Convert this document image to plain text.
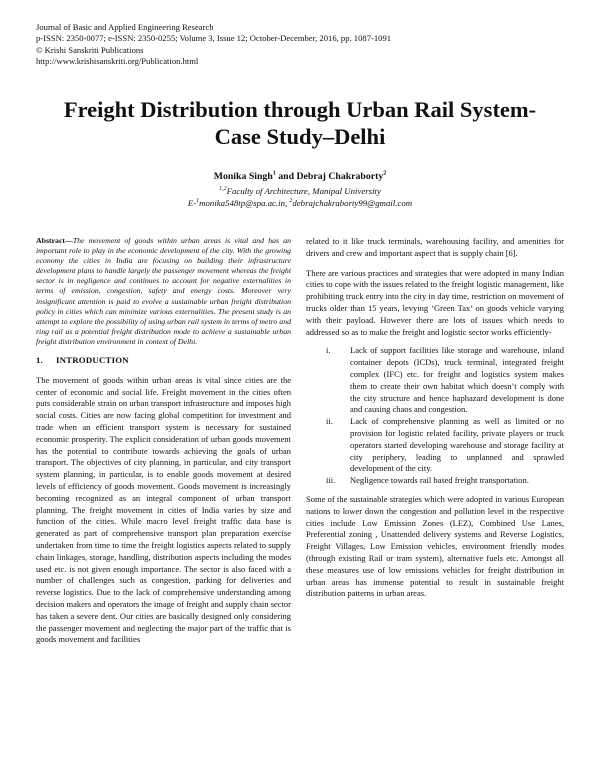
Journal of Basic and Applied Engineering Research
p-ISSN: 2350-0077; e-ISSN: 2350-0255; Volume 3, Issue 12; October-December, 2016, pp. 1087-1091
© Krishi Sanskriti Publications
http://www.krishisanskriti.org/Publication.html
Freight Distribution through Urban Rail System-
Case Study–Delhi
Monika Singh$^1$ and Debraj Chakraborty$^2$
$^{1,2}$Faculty of Architecture, Manipal University
E-$^1$monika548tp@spa.ac.in, $^2$debrajchakraborty99@gmail.com

Abstract—The movement of goods within urban areas is vital and has an important role to play in the economic development of the city. With the growing economy the cities in India are focusing on building their infrastructure development plans to handle largely the passenger movement whereas the freight sector is in negligence and continues to account for negative externalities in terms of emission, congestion, safety and energy costs. Moreover very insignificant attention is paid to evolve a sustainable urban freight distribution policy in cities which can minimize various externalities. The present study is an attempt to explore the possibility of using urban rail system in terms of metro and ring rail as a potential freight distribution mode to achieve a sustainable urban freight distribution environment in context of Delhi.

1. INTRODUCTION

The movement of goods within urban areas is vital since cities are the center of economic and social life. Freight movement in the cities often puts considerable strain on urban transport infrastructure and imposes high social costs. Cities are now facing global competition for investment and trade when an efficient transport system is necessary for sustained economic prosperity. The explicit consideration of urban goods movement has the potential to contribute towards achieving the goals of urban transport. The objectives of city planning, in particular, and city transport system planning, in particular, is to enable goods movement at desired levels of efficiency of goods movement. Goods movement is increasingly becoming recognized as an integral component of urban transport planning. The freight movement in cities of India varies by size and function of the cities. While macro level freight traffic data base is generated as part of comprehensive transport plan preparation exercise undertaken from time to time the freight logistics aspects related to supply chain linkages, storage, handling, distribution aspects including the modes used etc. is not given enough importance. The sector is also faced with a number of challenges such as congestion, parking for deliveries and reverse logistics. Due to the lack of comprehensive understanding among decision makers and operators the image of freight and supply chain sector has taken a severe dent. Our cities are basically designed only considering the passenger movement and neglecting the major part of the traffic that is goods movement and facilities

related to it like truck terminals, warehousing facility, and amenities for drivers and crew and important aspect that is supply chain [6].

There are various practices and strategies that were adopted in many Indian cities to cope with the issues related to the freight logistic management, like prohibiting truck entry into the city in day time, restriction on movement of trucks older than 15 years, levying ‘Green Tax’ on goods vehicle varying with their payload. However there are lots of issues which needs to addressed so as to make the freight and logistic sector works efficiently-

i. Lack of support facilities like storage and warehouse, inland container depots (ICDs), truck terminal, integrated freight complex (IFC) etc. for freight and logistics system makes them to create their own habitat which doesn’t comply with the city structure and hence haphazard development is done and causing chaos and congestion.
ii. Lack of comprehensive planning as well as limited or no provision for logistic related facility, private players or truck operators started developing warehouse and storage facility at city periphery, leading to unplanned and sprawled development of the city.
iii. Negligence towards rail based freight transportation.

Some of the sustainable strategies which were adopted in various European nations to lower down the congestion and pollution level in the respective cities include Low Emission Zones (LEZ), Combined Use Lanes, Preferential zoning , Unattended delivery systems and Reverse Logistics, Freight Villages, Low Emission vehicles, environment friendly modes (through existing Rail or tram system), alternative fuels etc. Amongst all these measures use of low emissions vehicles for freight distribution in urban areas has immense potential to result in sustainable freight distribution patterns in urban areas.
